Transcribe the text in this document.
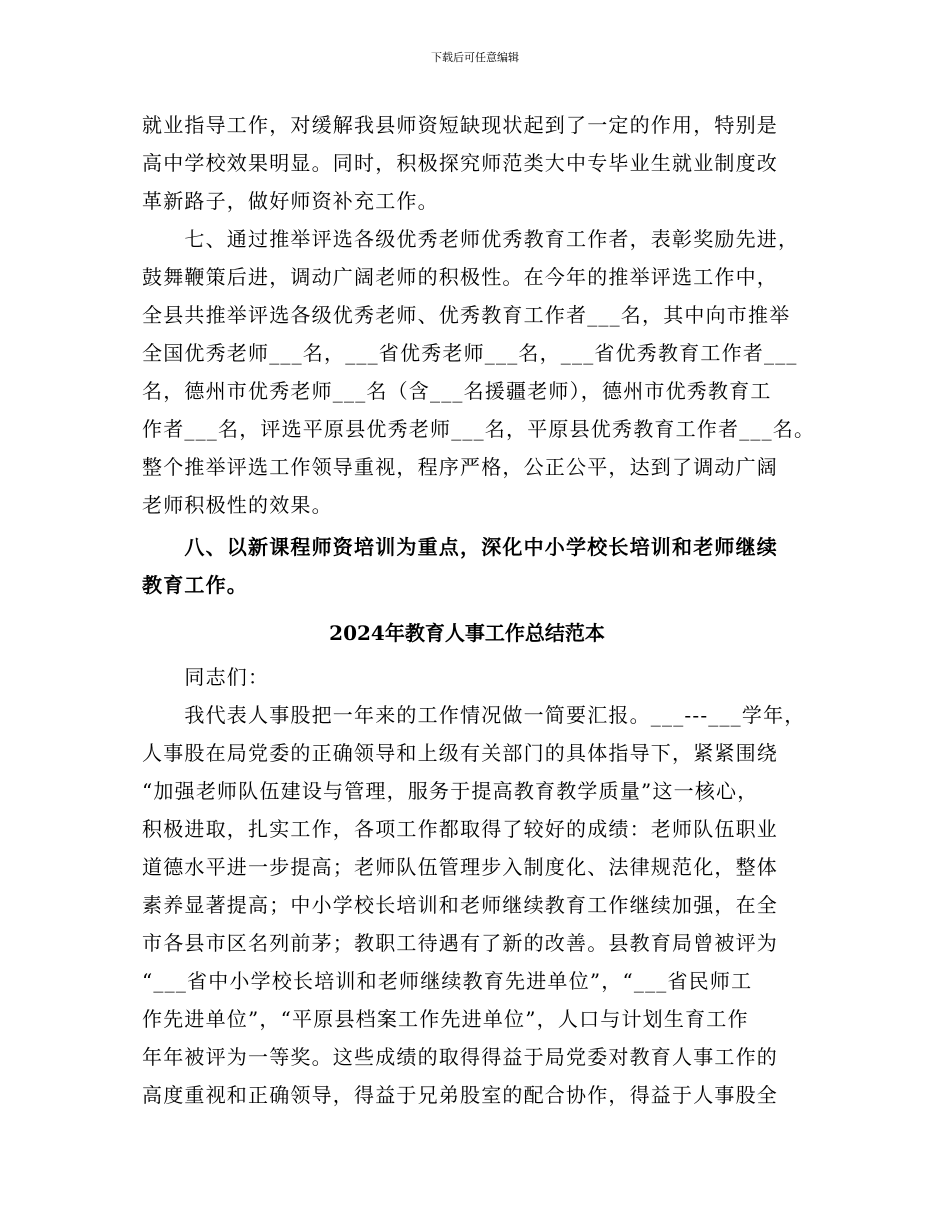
下载后可任意编辑
就业指导工作，对缓解我县师资短缺现状起到了一定的作用，特别是
高中学校效果明显。同时，积极探究师范类大中专毕业生就业制度改
革新路子，做好师资补充工作。
　　七、通过推举评选各级优秀老师优秀教育工作者，表彰奖励先进，
鼓舞鞭策后进，调动广阔老师的积极性。在今年的推举评选工作中，
全县共推举评选各级优秀老师、优秀教育工作者___名，其中向市推举
全国优秀老师___名，___省优秀老师___名，___省优秀教育工作者___
名，德州市优秀老师___名（含___名援疆老师），德州市优秀教育工
作者___名，评选平原县优秀老师___名，平原县优秀教育工作者___名。
整个推举评选工作领导重视，程序严格，公正公平，达到了调动广阔
老师积极性的效果。
　　八、以新课程师资培训为重点，深化中小学校长培训和老师继续
教育工作。
2024年教育人事工作总结范本
　　同志们：
　　我代表人事股把一年来的工作情况做一简要汇报。___---___学年，
人事股在局党委的正确领导和上级有关部门的具体指导下，紧紧围绕
“加强老师队伍建设与管理，服务于提高教育教学质量”这一核心，
积极进取，扎实工作，各项工作都取得了较好的成绩：老师队伍职业
道德水平进一步提高；老师队伍管理步入制度化、法律规范化，整体
素养显著提高；中小学校长培训和老师继续教育工作继续加强，在全
市各县市区名列前茅；教职工待遇有了新的改善。县教育局曾被评为
“___省中小学校长培训和老师继续教育先进单位”，“___省民师工
作先进单位”，“平原县档案工作先进单位”，人口与计划生育工作
年年被评为一等奖。这些成绩的取得得益于局党委对教育人事工作的
高度重视和正确领导，得益于兄弟股室的配合协作，得益于人事股全
